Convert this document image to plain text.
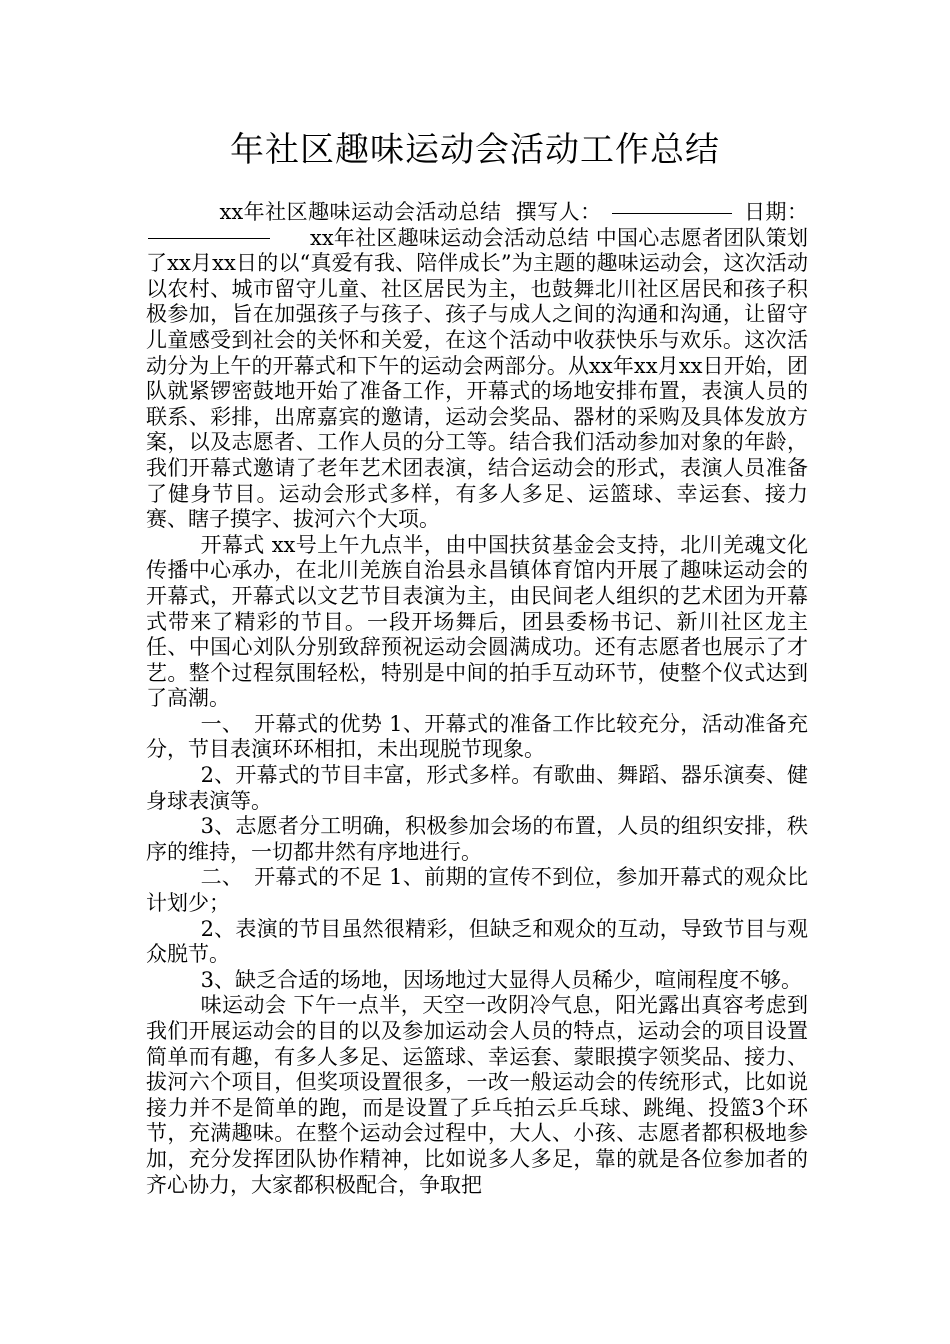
年社区趣味运动会活动工作总结

xx年社区趣味运动会活动总结 撰写人：	日期：xx年社区趣味运动会活动总结 中国心志愿者团队策划了xx月xx日的以“真爱有我、陪伴成长”为主题的趣味运动会，这次活动以农村、城市留守儿童、社区居民为主，也鼓舞北川社区居民和孩子积极参加，旨在加强孩子与孩子、孩子与成人之间的沟通和沟通，让留守儿童感受到社会的关怀和关爱，在这个活动中收获快乐与欢乐。这次活动分为上午的开幕式和下午的运动会两部分。从xx年xx月xx日开始，团队就紧锣密鼓地开始了准备工作，开幕式的场地安排布置，表演人员的联系、彩排，出席嘉宾的邀请，运动会奖品、器材的采购及具体发放方案，以及志愿者、工作人员的分工等。结合我们活动参加对象的年龄，我们开幕式邀请了老年艺术团表演，结合运动会的形式，表演人员准备了健身节目。运动会形式多样，有多人多足、运篮球、幸运套、接力赛、瞎子摸字、拔河六个大项。

开幕式 xx号上午九点半，由中国扶贫基金会支持，北川羌魂文化传播中心承办，在北川羌族自治县永昌镇体育馆内开展了趣味运动会的开幕式，开幕式以文艺节目表演为主，由民间老人组织的艺术团为开幕式带来了精彩的节目。一段开场舞后，团县委杨书记、新川社区龙主任、中国心刘队分别致辞预祝运动会圆满成功。还有志愿者也展示了才艺。整个过程氛围轻松，特别是中间的拍手互动环节，使整个仪式达到了高潮。

一、　开幕式的优势 1、开幕式的准备工作比较充分，活动准备充分，节目表演环环相扣，未出现脱节现象。

2、开幕式的节目丰富，形式多样。有歌曲、舞蹈、器乐演奏、健身球表演等。

3、志愿者分工明确，积极参加会场的布置，人员的组织安排，秩序的维持，一切都井然有序地进行。

二、　开幕式的不足 1、前期的宣传不到位，参加开幕式的观众比计划少；

2、表演的节目虽然很精彩，但缺乏和观众的互动，导致节目与观众脱节。

3、缺乏合适的场地，因场地过大显得人员稀少，喧闹程度不够。

味运动会 下午一点半，天空一改阴冷气息，阳光露出真容考虑到我们开展运动会的目的以及参加运动会人员的特点，运动会的项目设置简单而有趣，有多人多足、运篮球、幸运套、蒙眼摸字领奖品、接力、拔河六个项目，但奖项设置很多，一改一般运动会的传统形式，比如说接力并不是简单的跑，而是设置了乒乓拍云乒乓球、跳绳、投篮3个环节，充满趣味。在整个运动会过程中，大人、小孩、志愿者都积极地参加，充分发挥团队协作精神，比如说多人多足，靠的就是各位参加者的齐心协力，大家都积极配合，争取把
